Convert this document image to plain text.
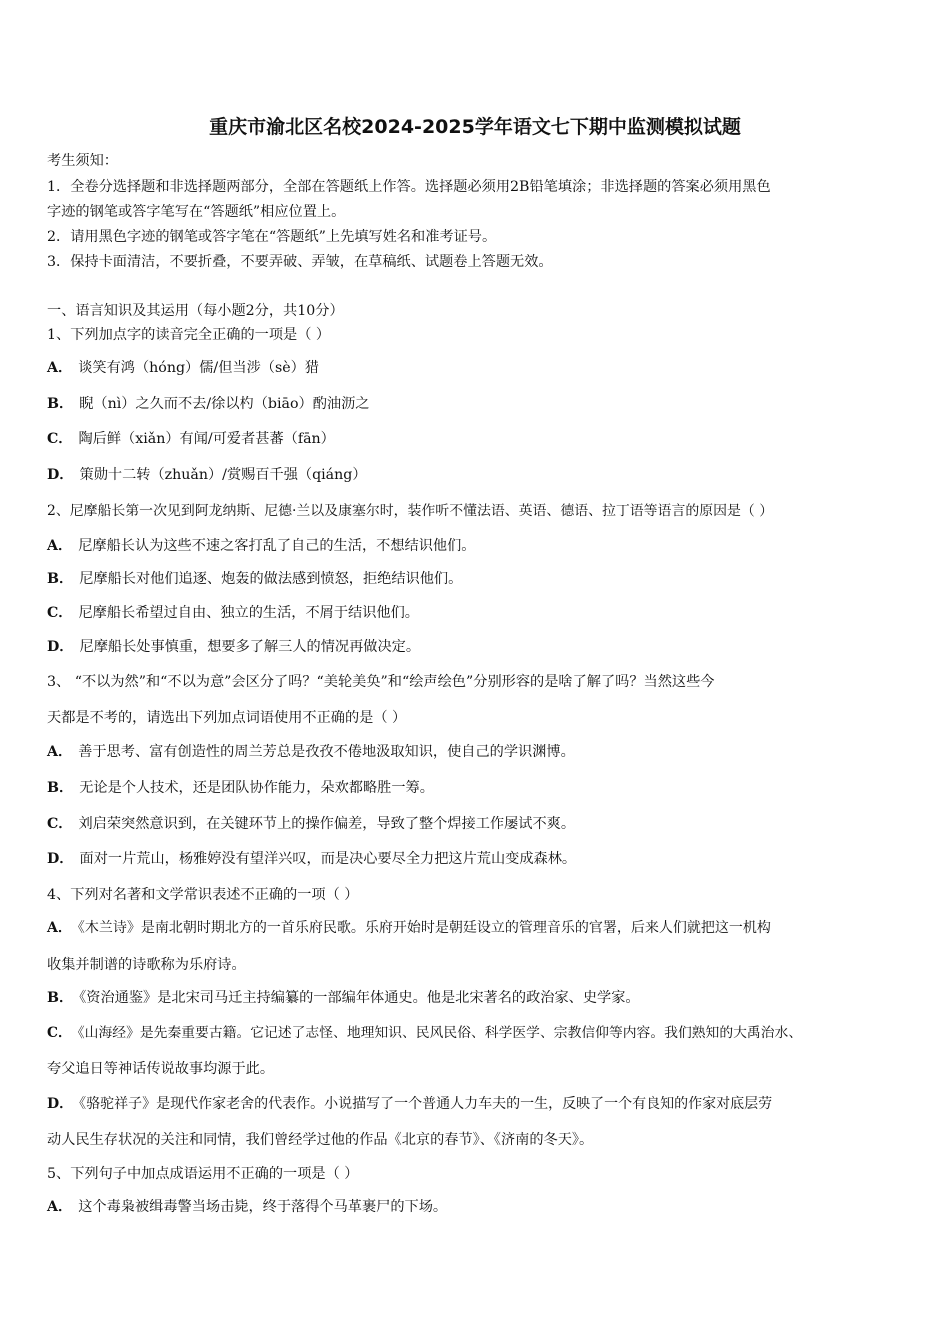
重庆市渝北区名校2024-2025学年语文七下期中监测模拟试题
考生须知：
1．全卷分选择题和非选择题两部分，全部在答题纸上作答。选择题必须用2B铅笔填涂；非选择题的答案必须用黑色
字迹的钢笔或答字笔写在“答题纸”相应位置上。
2．请用黑色字迹的钢笔或答字笔在“答题纸”上先填写姓名和准考证号。
3．保持卡面清洁，不要折叠，不要弄破、弄皱，在草稿纸、试题卷上答题无效。
一、语言知识及其运用（每小题2分，共10分）
1、下列加点字的读音完全正确的一项是（ ）
A． 谈笑有鸿（hóng）儒/但当涉（sè）猎
B． 睨（nì）之久而不去/徐以杓（biāo）酌油沥之
C． 陶后鲜（xiǎn）有闻/可爱者甚蕃（fān）
D． 策勋十二转（zhuǎn）/赏赐百千强（qiáng）
2、尼摩船长第一次见到阿龙纳斯、尼德·兰以及康塞尔时，装作听不懂法语、英语、德语、拉丁语等语言的原因是（ ）
A． 尼摩船长认为这些不速之客打乱了自己的生活，不想结识他们。
B． 尼摩船长对他们追逐、炮轰的做法感到愤怒，拒绝结识他们。
C． 尼摩船长希望过自由、独立的生活，不屑于结识他们。
D． 尼摩船长处事慎重，想要多了解三人的情况再做决定。
3、 “不以为然”和“不以为意”会区分了吗？“美轮美奂”和“绘声绘色”分别形容的是啥了解了吗？当然这些今
天都是不考的，请选出下列加点词语使用不正确的是（ ）
A． 善于思考、富有创造性的周兰芳总是孜孜不倦地汲取知识，使自己的学识渊博。
B． 无论是个人技术，还是团队协作能力，朵欢都略胜一筹。
C． 刘启荣突然意识到，在关键环节上的操作偏差，导致了整个焊接工作屡试不爽。
D． 面对一片荒山，杨雅婷没有望洋兴叹，而是决心要尽全力把这片荒山变成森林。
4、下列对名著和文学常识表述不正确的一项（ ）
A． 《木兰诗》是南北朝时期北方的一首乐府民歌。乐府开始时是朝廷设立的管理音乐的官署，后来人们就把这一机构
收集并制谱的诗歌称为乐府诗。
B． 《资治通鉴》是北宋司马迁主持编纂的一部编年体通史。他是北宋著名的政治家、史学家。
C． 《山海经》是先秦重要古籍。它记述了志怪、地理知识、民风民俗、科学医学、宗教信仰等内容。我们熟知的大禹治水、
夸父追日等神话传说故事均源于此。
D． 《骆驼祥子》是现代作家老舍的代表作。小说描写了一个普通人力车夫的一生，反映了一个有良知的作家对底层劳
动人民生存状况的关注和同情，我们曾经学过他的作品《北京的春节》、《济南的冬天》。
5、下列句子中加点成语运用不正确的一项是（ ）
A． 这个毒枭被缉毒警当场击毙，终于落得个马革裹尸的下场。
